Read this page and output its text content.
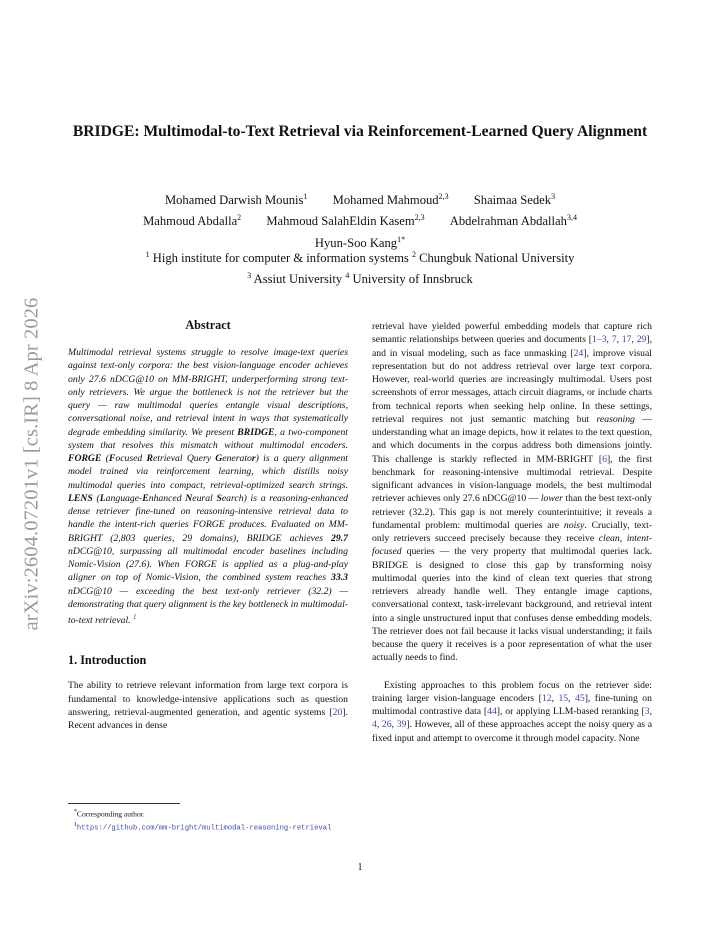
arXiv:2604.07201v1 [cs.IR] 8 Apr 2026
BRIDGE: Multimodal-to-Text Retrieval via Reinforcement-Learned Query Alignment
Mohamed Darwish Mounis$^1$ Mohamed Mahmoud$^{2,3}$ Shaimaa Sedek$^3$
Mahmoud Abdalla$^2$ Mahmoud SalahEldin Kasem$^{2,3}$ Abdelrahman Abdallah$^{3,4}$
Hyun-Soo Kang$^{1*}$
$^1$ High institute for computer & information systems $^2$ Chungbuk National University
$^3$ Assiut University $^4$ University of Innsbruck
Abstract

Multimodal retrieval systems struggle to resolve image-text queries against text-only corpora: the best vision-language encoder achieves only 27.6 nDCG@10 on MM-BRIGHT, underperforming strong text-only retrievers. We argue the bottleneck is not the retriever but the query — raw multimodal queries entangle visual descriptions, conversational noise, and retrieval intent in ways that systematically degrade embedding similarity. We present BRIDGE, a two-component system that resolves this mismatch without multimodal encoders. FORGE (Focused Retrieval Query Generator) is a query alignment model trained via reinforcement learning, which distills noisy multimodal queries into compact, retrieval-optimized search strings. LENS (Language-Enhanced Neural Search) is a reasoning-enhanced dense retriever fine-tuned on reasoning-intensive retrieval data to handle the intent-rich queries FORGE produces. Evaluated on MM-BRIGHT (2,803 queries, 29 domains), BRIDGE achieves 29.7 nDCG@10, surpassing all multimodal encoder baselines including Nomic-Vision (27.6). When FORGE is applied as a plug-and-play aligner on top of Nomic-Vision, the combined system reaches 33.3 nDCG@10 — exceeding the best text-only retriever (32.2) — demonstrating that query alignment is the key bottleneck in multimodal-to-text retrieval. $^1$

1. Introduction

The ability to retrieve relevant information from large text corpora is fundamental to knowledge-intensive applications such as question answering, retrieval-augmented generation, and agentic systems [20]. Recent advances in dense

retrieval have yielded powerful embedding models that capture rich semantic relationships between queries and documents [1–3, 7, 17, 29], and in visual modeling, such as face unmasking [24], improve visual representation but do not address retrieval over large text corpora. However, real-world queries are increasingly multimodal. Users post screenshots of error messages, attach circuit diagrams, or include charts from technical reports when seeking help online. In these settings, retrieval requires not just semantic matching but reasoning — understanding what an image depicts, how it relates to the text question, and which documents in the corpus address both dimensions jointly. This challenge is starkly reflected in MM-BRIGHT [6], the first benchmark for reasoning-intensive multimodal retrieval. Despite significant advances in vision-language models, the best multimodal retriever achieves only 27.6 nDCG@10 — lower than the best text-only retriever (32.2). This gap is not merely counterintuitive; it reveals a fundamental problem: multimodal queries are noisy. Crucially, text-only retrievers succeed precisely because they receive clean, intent-focused queries — the very property that multimodal queries lack. BRIDGE is designed to close this gap by transforming noisy multimodal queries into the kind of clean text queries that strong retrievers already handle well. They entangle image captions, conversational context, task-irrelevant background, and retrieval intent into a single unstructured input that confuses dense embedding models. The retriever does not fail because it lacks visual understanding; it fails because the query it receives is a poor representation of what the user actually needs to find.

Existing approaches to this problem focus on the retriever side: training larger vision-language encoders [12, 15, 45], fine-tuning on multimodal contrastive data [44], or applying LLM-based reranking [3, 4, 26, 39]. However, all of these approaches accept the noisy query as a fixed input and attempt to overcome it through model capacity. None

*Corresponding author.
$^1$https://github.com/mm-bright/multimodal-reasoning-retrieval
1
